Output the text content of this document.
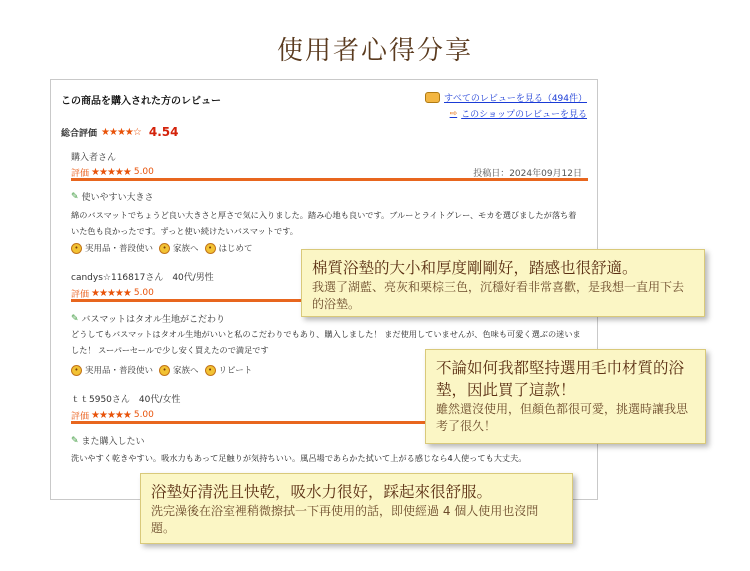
使用者心得分享
この商品を購入された方のレビュー	すべてのレビューを見る（494件）
⇨ このショップのレビューを見る
総合評価 ★★★★☆ 4.54
購入者さん
評価 ★★★★★ 5.00	投稿日：2024年09月12日
✎ 使いやすい大きさ
綿のバスマットでちょうど良い大きさと厚さで気に入りました。踏み心地も良いです。ブルーとライトグレー、モカを選びましたが落ち着いた色も良かったです。ずっと使い続けたいバスマットです。
• 実用品・普段使い	• 家族へ	• はじめて
candys☆116817さん　40代/男性
評価 ★★★★★ 5.00
✎ バスマットはタオル生地がこだわり
どうしてもバスマットはタオル生地がいいと私のこだわりでもあり、購入しました！ まだ使用していませんが、色味も可愛く選ぶの迷いました！ スーパーセールで少し安く買えたので満足です
• 実用品・普段使い	• 家族へ	• リピート
ｔｔ5950さん　40代/女性
評価 ★★★★★ 5.00
✎ また購入したい
洗いやすく乾きやすい。吸水力もあって足触りが気持ちいい。風呂場であらかた拭いて上がる感じなら4人使っても大丈夫。
棉質浴墊的大小和厚度剛剛好，踏感也很舒適。
我選了湖藍、亮灰和栗棕三色，沉穩好看非常喜歡，是我想一直用下去的浴墊。
不論如何我都堅持選用毛巾材質的浴墊，因此買了這款！
雖然還沒使用，但顏色都很可愛，挑選時讓我思考了很久！
浴墊好清洗且快乾，吸水力很好，踩起來很舒服。
洗完澡後在浴室裡稍微擦拭一下再使用的話，即使經過 4 個人使用也沒問題。
